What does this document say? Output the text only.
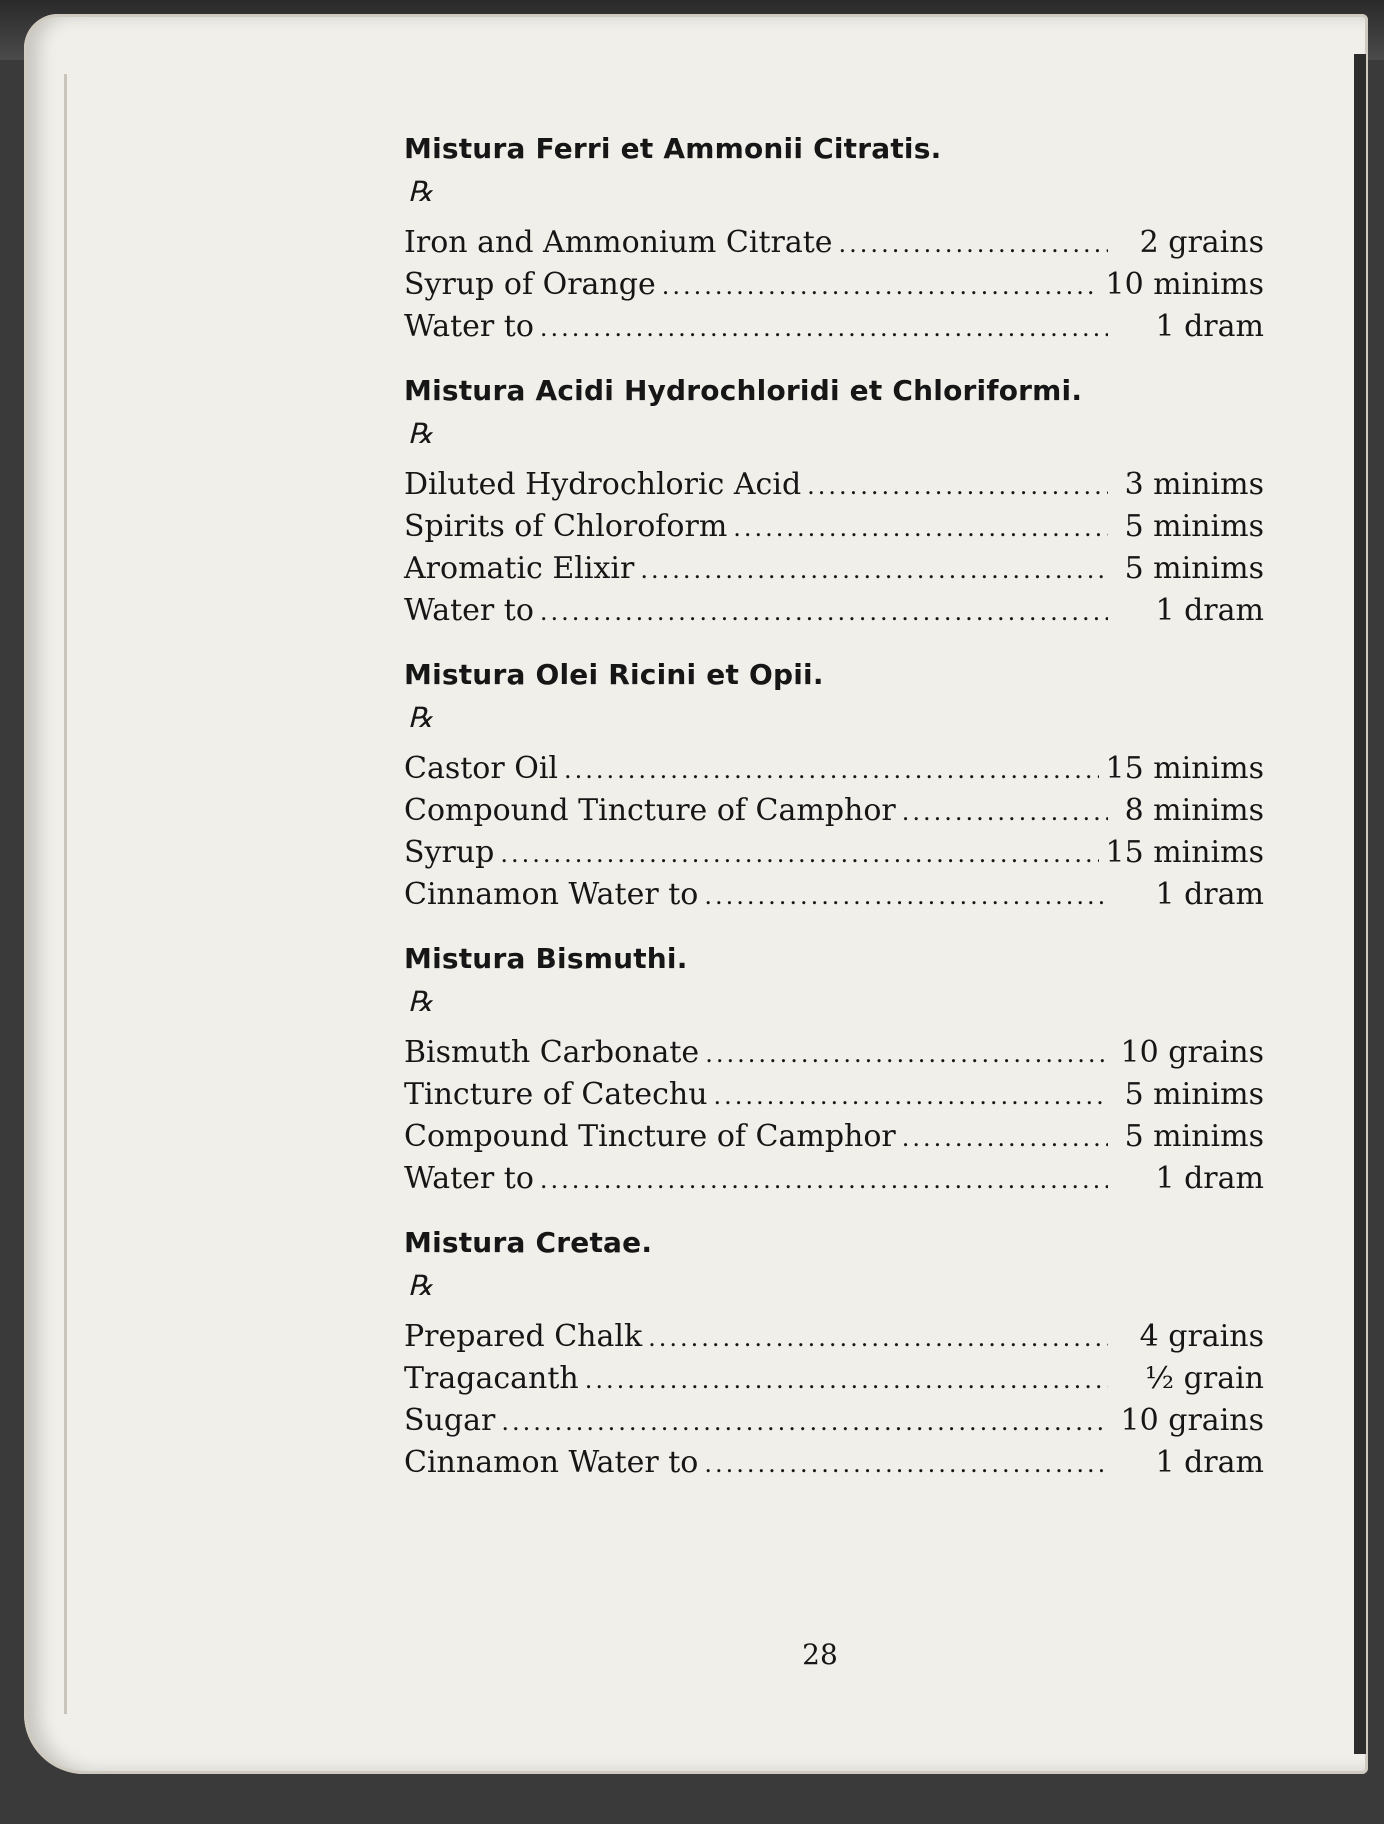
Mistura Ferri et Ammonii Citratis.
℞
Iron and Ammonium Citrate .....	2 grains
Syrup of Orange .....	10 minims
Water to .....	1 dram
Mistura Acidi Hydrochloridi et Chloriformi.
℞
Diluted Hydrochloric Acid .....	3 minims
Spirits of Chloroform .....	5 minims
Aromatic Elixir .....	5 minims
Water to .....	1 dram
Mistura Olei Ricini et Opii.
℞
Castor Oil .....	15 minims
Compound Tincture of Camphor .....	8 minims
Syrup .....	15 minims
Cinnamon Water to .....	1 dram
Mistura Bismuthi.
℞
Bismuth Carbonate .....	10 grains
Tincture of Catechu .....	5 minims
Compound Tincture of Camphor .....	5 minims
Water to .....	1 dram
Mistura Cretae.
℞
Prepared Chalk .....	4 grains
Tragacanth .....	½ grain
Sugar .....	10 grains
Cinnamon Water to .....	1 dram
28
